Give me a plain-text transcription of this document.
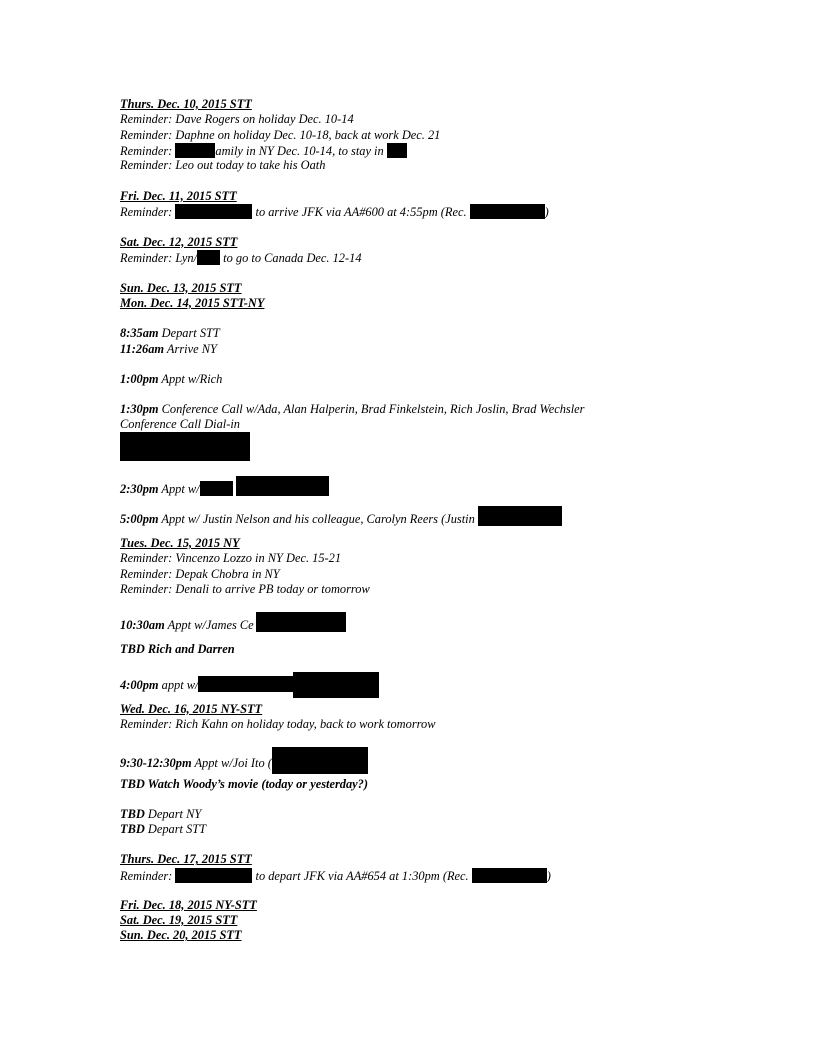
Thurs. Dec. 10, 2015 STT
Reminder: Dave Rogers on holiday Dec. 10-14
Reminder: Daphne on holiday Dec. 10-18, back at work Dec. 21
Reminder:	amily in NY Dec. 10-14, to stay in
Reminder: Leo out today to take his Oath
Fri. Dec. 11, 2015 STT
Reminder:	to arrive JFK via AA#600 at 4:55pm (Rec.	)
Sat. Dec. 12, 2015 STT
Reminder: Lyn/ to go to Canada Dec. 12-14
Sun. Dec. 13, 2015 STT
Mon. Dec. 14, 2015 STT-NY
8:35am Depart STT
11:26am Arrive NY
1:00pm Appt w/Rich
1:30pm Conference Call w/Ada, Alan Halperin, Brad Finkelstein, Rich Joslin, Brad Wechsler
Conference Call Dial-in
2:30pm Appt w/
5:00pm Appt w/ Justin Nelson and his colleague, Carolyn Reers (Justin
Tues. Dec. 15, 2015 NY
Reminder: Vincenzo Lozzo in NY Dec. 15-21
Reminder: Depak Chobra in NY
Reminder: Denali to arrive PB today or tomorrow
10:30am Appt w/James Ce
TBD Rich and Darren
4:00pm appt w/
Wed. Dec. 16, 2015 NY-STT
Reminder: Rich Kahn on holiday today, back to work tomorrow
9:30-12:30pm Appt w/Joi Ito (
TBD Watch Woody’s movie (today or yesterday?)
TBD Depart NY
TBD Depart STT
Thurs. Dec. 17, 2015 STT
Reminder:	to depart JFK via AA#654 at 1:30pm (Rec.	)
Fri. Dec. 18, 2015 NY-STT
Sat. Dec. 19, 2015 STT
Sun. Dec. 20, 2015 STT
